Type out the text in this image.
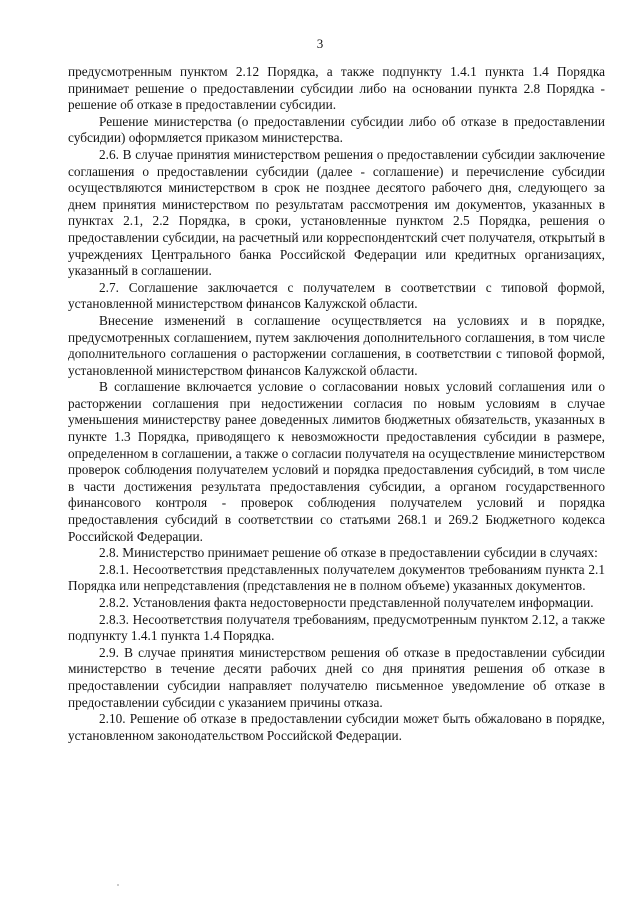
3

предусмотренным пунктом 2.12 Порядка, а также подпункту 1.4.1 пункта 1.4 Порядка принимает решение о предоставлении субсидии либо на основании пункта 2.8 Порядка - решение об отказе в предоставлении субсидии.

Решение министерства (о предоставлении субсидии либо об отказе в предоставлении субсидии) оформляется приказом министерства.

2.6. В случае принятия министерством решения о предоставлении субсидии заключение соглашения о предоставлении субсидии (далее - соглашение) и перечисление субсидии осуществляются министерством в срок не позднее десятого рабочего дня, следующего за днем принятия министерством по результатам рассмотрения им документов, указанных в пунктах 2.1, 2.2 Порядка, в сроки, установленные пунктом 2.5 Порядка, решения о предоставлении субсидии, на расчетный или корреспондентский счет получателя, открытый в учреждениях Центрального банка Российской Федерации или кредитных организациях, указанный в соглашении.

2.7. Соглашение заключается с получателем в соответствии с типовой формой, установленной министерством финансов Калужской области.

Внесение изменений в соглашение осуществляется на условиях и в порядке, предусмотренных соглашением, путем заключения дополнительного соглашения, в том числе дополнительного соглашения о расторжении соглашения, в соответствии с типовой формой, установленной министерством финансов Калужской области.

В соглашение включается условие о согласовании новых условий соглашения или о расторжении соглашения при недостижении согласия по новым условиям в случае уменьшения министерству ранее доведенных лимитов бюджетных обязательств, указанных в пункте 1.3 Порядка, приводящего к невозможности предоставления субсидии в размере, определенном в соглашении, а также о согласии получателя на осуществление министерством проверок соблюдения получателем условий и порядка предоставления субсидий, в том числе в части достижения результата предоставления субсидии, а органом государственного финансового контроля - проверок соблюдения получателем условий и порядка предоставления субсидий в соответствии со статьями 268.1 и 269.2 Бюджетного кодекса Российской Федерации.

2.8. Министерство принимает решение об отказе в предоставлении субсидии в случаях:

2.8.1. Несоответствия представленных получателем документов требованиям пункта 2.1 Порядка или непредставления (представления не в полном объеме) указанных документов.

2.8.2. Установления факта недостоверности представленной получателем информации.

2.8.3. Несоответствия получателя требованиям, предусмотренным пунктом 2.12, а также подпункту 1.4.1 пункта 1.4 Порядка.

2.9. В случае принятия министерством решения об отказе в предоставлении субсидии министерство в течение десяти рабочих дней со дня принятия решения об отказе в предоставлении субсидии направляет получателю письменное уведомление об отказе в предоставлении субсидии с указанием причины отказа.

2.10. Решение об отказе в предоставлении субсидии может быть обжаловано в порядке, установленном законодательством Российской Федерации.
